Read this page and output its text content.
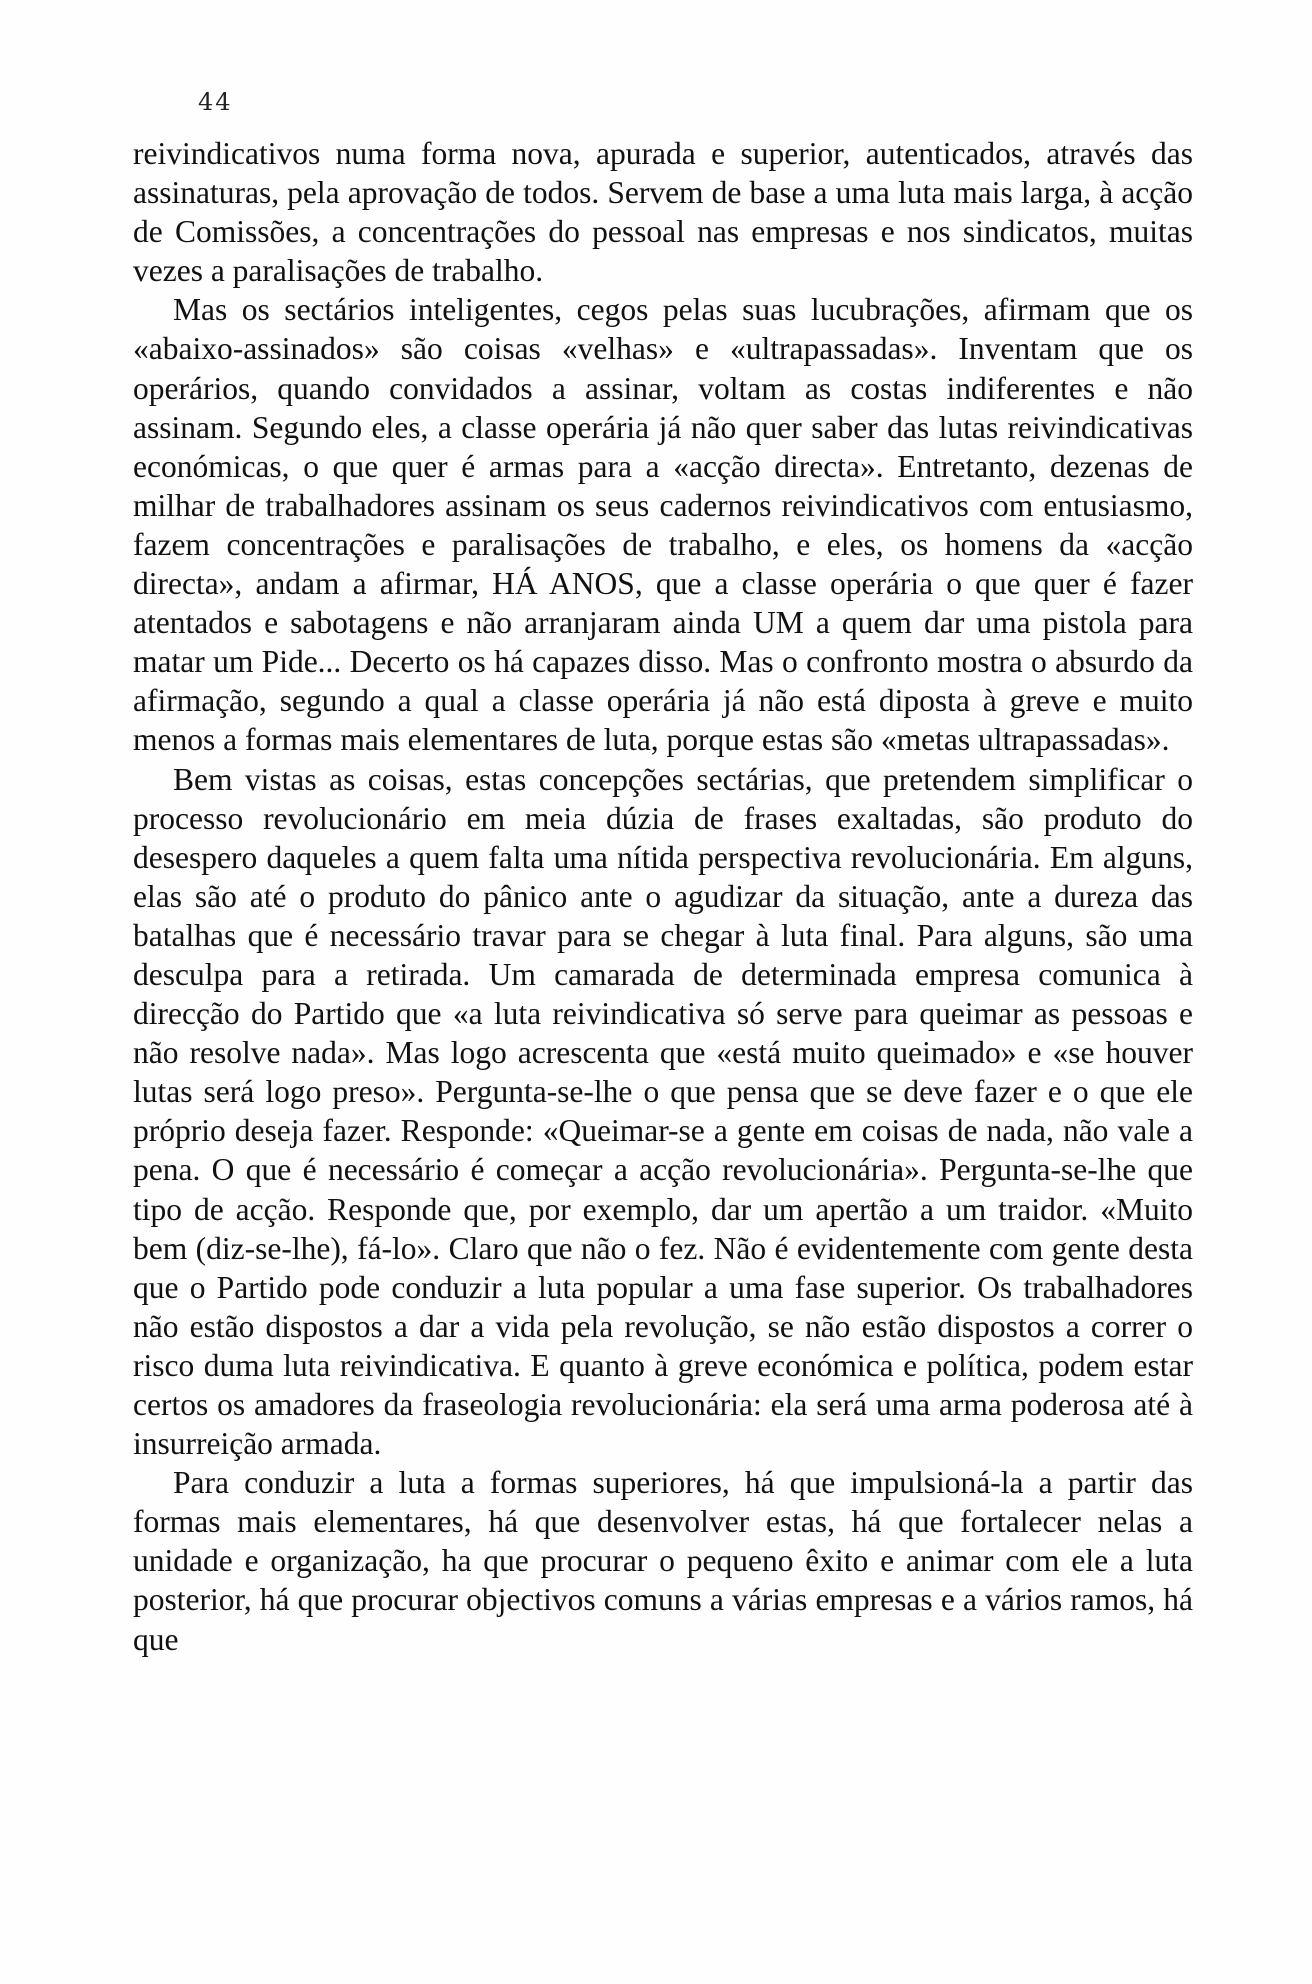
44

reivindicativos numa forma nova, apurada e superior, autenticados, através das assinaturas, pela aprovação de todos. Servem de base a uma luta mais larga, à acção de Comissões, a concentrações do pessoal nas empresas e nos sindicatos, muitas vezes a paralisações de trabalho.

Mas os sectários inteligentes, cegos pelas suas lucubrações, afirmam que os «abaixo-assinados» são coisas «velhas» e «ultrapassadas». Inventam que os operários, quando convidados a assinar, voltam as costas indiferentes e não assinam. Segundo eles, a classe operária já não quer saber das lutas reivindicativas económicas, o que quer é armas para a «acção directa». Entretanto, dezenas de milhar de trabalhadores assinam os seus cadernos reivindicativos com entusiasmo, fazem concentrações e paralisações de trabalho, e eles, os homens da «acção directa», andam a afirmar, HÁ ANOS, que a classe operária o que quer é fazer atentados e sabotagens e não arranjaram ainda UM a quem dar uma pistola para matar um Pide... Decerto os há capazes disso. Mas o confronto mostra o absurdo da afirmação, segundo a qual a classe operária já não está diposta à greve e muito menos a formas mais elementares de luta, porque estas são «metas ultrapassadas».

Bem vistas as coisas, estas concepções sectárias, que pretendem simplificar o processo revolucionário em meia dúzia de frases exaltadas, são produto do desespero daqueles a quem falta uma nítida perspectiva revolucionária. Em alguns, elas são até o produto do pânico ante o agudizar da situação, ante a dureza das batalhas que é necessário travar para se chegar à luta final. Para alguns, são uma desculpa para a retirada. Um camarada de determinada empresa comunica à direcção do Partido que «a luta reivindicativa só serve para queimar as pessoas e não resolve nada». Mas logo acrescenta que «está muito queimado» e «se houver lutas será logo preso». Pergunta-se-lhe o que pensa que se deve fazer e o que ele próprio deseja fazer. Responde: «Queimar-se a gente em coisas de nada, não vale a pena. O que é necessário é começar a acção revolucionária». Pergunta-se-lhe que tipo de acção. Responde que, por exemplo, dar um apertão a um traidor. «Muito bem (diz-se-lhe), fá-lo». Claro que não o fez. Não é evidentemente com gente desta que o Partido pode conduzir a luta popular a uma fase superior. Os trabalhadores não estão dispostos a dar a vida pela revolução, se não estão dispostos a correr o risco duma luta reivindicativa. E quanto à greve económica e política, podem estar certos os amadores da fraseologia revolucionária: ela será uma arma poderosa até à insurreição armada.

Para conduzir a luta a formas superiores, há que impulsioná-la a partir das formas mais elementares, há que desenvolver estas, há que fortalecer nelas a unidade e organização, ha que procurar o pequeno êxito e animar com ele a luta posterior, há que procurar objectivos comuns a várias empresas e a vários ramos, há que
